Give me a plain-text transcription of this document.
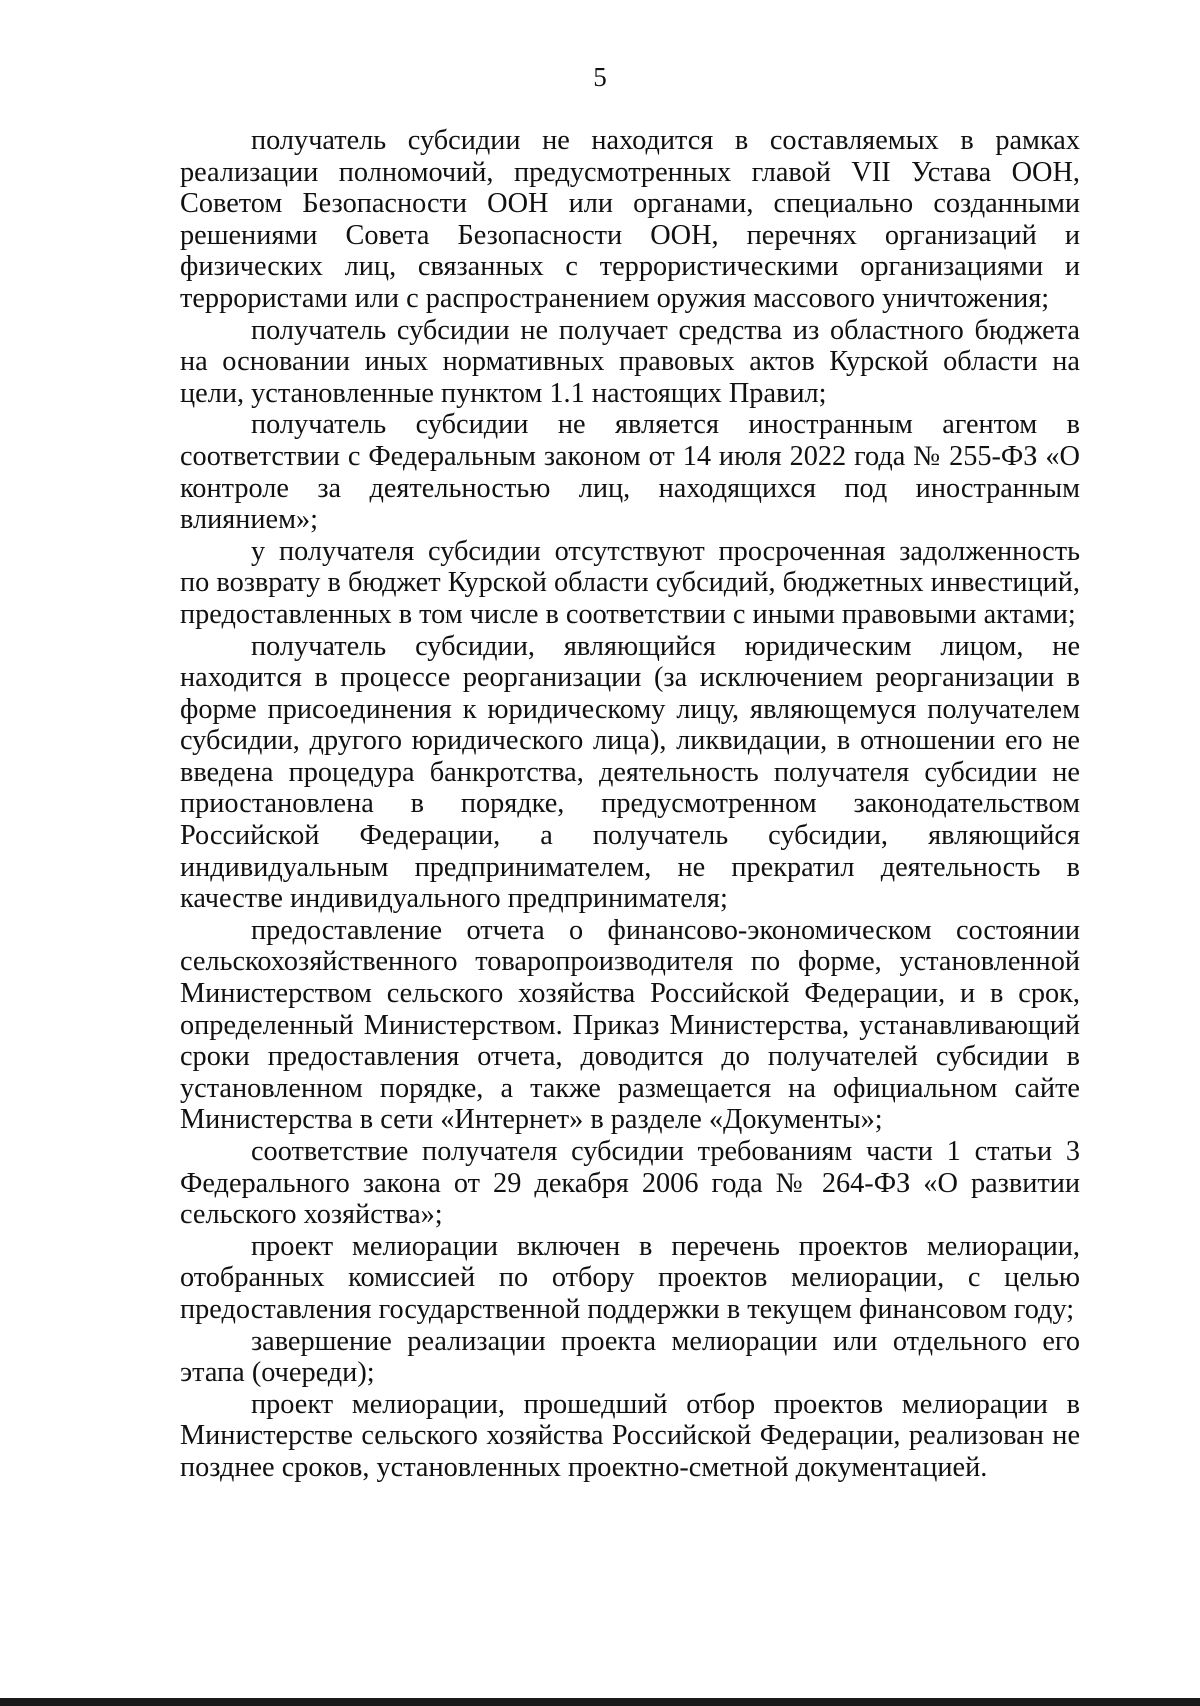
5

получатель субсидии не находится в составляемых в рамках реализации полномочий, предусмотренных главой VII Устава ООН, Советом Безопасности ООН или органами, специально созданными решениями Совета Безопасности ООН, перечнях организаций и физических лиц, связанных с террористическими организациями и террористами или с распространением оружия массового уничтожения;

получатель субсидии не получает средства из областного бюджета на основании иных нормативных правовых актов Курской области на цели, установленные пунктом 1.1 настоящих Правил;

получатель субсидии не является иностранным агентом в соответствии с Федеральным законом от 14 июля 2022 года № 255-ФЗ «О контроле за деятельностью лиц, находящихся под иностранным влиянием»;

у получателя субсидии отсутствуют просроченная задолженность по возврату в бюджет Курской области субсидий, бюджетных инвестиций, предоставленных в том числе в соответствии с иными правовыми актами;

получатель субсидии, являющийся юридическим лицом, не находится в процессе реорганизации (за исключением реорганизации в форме присоединения к юридическому лицу, являющемуся получателем субсидии, другого юридического лица), ликвидации, в отношении его не введена процедура банкротства, деятельность получателя субсидии не приостановлена в порядке, предусмотренном законодательством Российской Федерации, а получатель субсидии, являющийся индивидуальным предпринимателем, не прекратил деятельность в качестве индивидуального предпринимателя;

предоставление отчета о финансово-экономическом состоянии сельскохозяйственного товаропроизводителя по форме, установленной Министерством сельского хозяйства Российской Федерации, и в срок, определенный Министерством. Приказ Министерства, устанавливающий сроки предоставления отчета, доводится до получателей субсидии в установленном порядке, а также размещается на официальном сайте Министерства в сети «Интернет» в разделе «Документы»;

соответствие получателя субсидии требованиям части 1 статьи 3 Федерального закона от 29 декабря 2006 года № 264-ФЗ «О развитии сельского хозяйства»;

проект мелиорации включен в перечень проектов мелиорации, отобранных комиссией по отбору проектов мелиорации, с целью предоставления государственной поддержки в текущем финансовом году;

завершение реализации проекта мелиорации или отдельного его этапа (очереди);

проект мелиорации, прошедший отбор проектов мелиорации в Министерстве сельского хозяйства Российской Федерации, реализован не позднее сроков, установленных проектно-сметной документацией.
